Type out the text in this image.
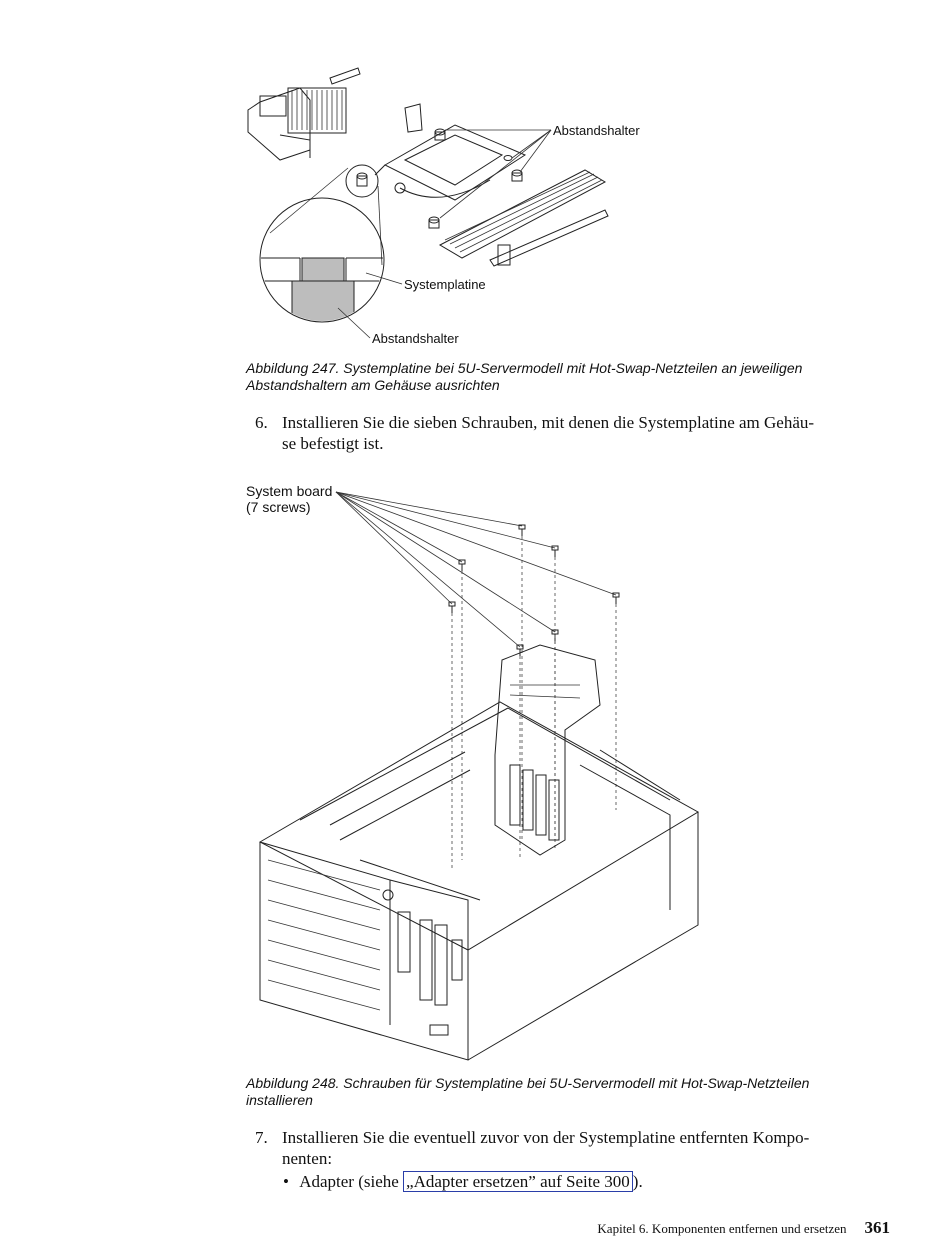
Abstandshalter
Systemplatine
Abstandshalter
Abbildung 247. Systemplatine bei 5U-Servermodell mit Hot-Swap-Netzteilen an jeweiligen
Abstandshaltern am Gehäuse ausrichten
6. Installieren Sie die sieben Schrauben, mit denen die Systemplatine am Gehäu-
se befestigt ist.
System board
(7 screws)
Abbildung 248. Schrauben für Systemplatine bei 5U-Servermodell mit Hot-Swap-Netzteilen
installieren
7. Installieren Sie die eventuell zuvor von der Systemplatine entfernten Kompo-
nenten:
• Adapter (siehe „Adapter ersetzen” auf Seite 300 ).
Kapitel 6. Komponenten entfernen und ersetzen 361
